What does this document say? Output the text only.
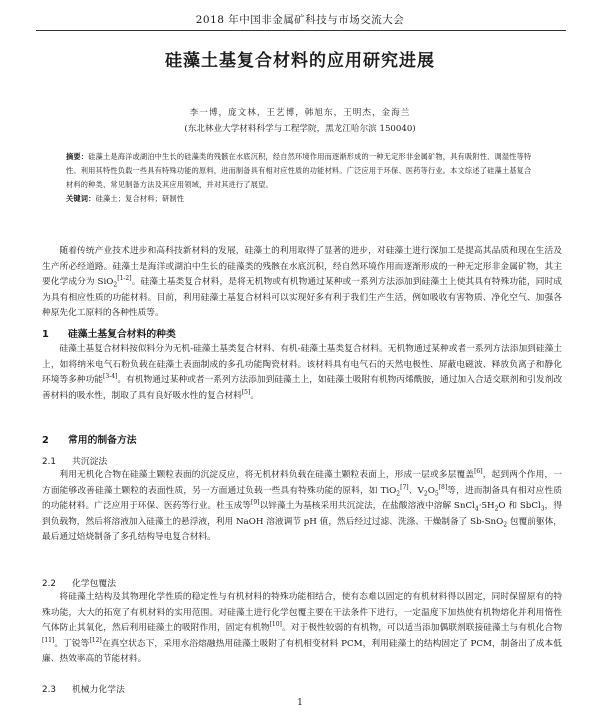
2018 年中国非金属矿科技与市场交流大会
硅藻土基复合材料的应用研究进展
李一博，庞文林，王艺博，韩旭东，王明杰，金海兰
(东北林业大学材料科学与工程学院，黑龙江哈尔滨 150040)
摘要：硅藻土是海洋或湖泊中生长的硅藻类的残骸在水底沉积，经自然环境作用而逐渐形成的一种无定形非金属矿物，具有吸附性、调湿性等特性。利用其特性负载一些具有特殊功能的原料，进而制备具有相对应性质的功能材料。广泛应用于环保、医药等行业。本文综述了硅藻土基复合材料的种类、常见制备方法及其应用领域，并对其进行了展望。
关键词：硅藻土；复合材料；研制性

随着传统产业技术进步和高科技新材料的发展，硅藻土的利用取得了显著的进步，对硅藻土进行深加工是提高其品质和现在生活及生产所必经道路。硅藻土是海洋或湖泊中生长的硅藻类的残骸在水底沉积，经自然环境作用而逐渐形成的一种无定形非金属矿物，其主要化学成分为 SiO$_2$[1-2]。硅藻土基类复合材料，是将无机物或有机物通过某种或一系列方法添加到硅藻土上使其具有特殊功能，同时成为具有相应性质的功能材料。目前，利用硅藻土基复合材料可以实现好多有利于我们生产生活，例如吸收有害物质、净化空气、加强各种原先化工原料的各种性质等。

1 硅藻土基复合材料的种类

硅藻土基复合材料按似料分为无机-硅藻土基类复合材料、有机-硅藻土基类复合材料。无机物通过某种或者一系列方法添加到硅藻土上，如将纳米电气石粉负载在硅藻土表面制成的多孔功能陶瓷材料。该材料具有电气石的天然电极性、屏蔽电磁波、释放负离子和静化环境等多种功能[3-4]。有机物通过某种或者一系列方法添加到硅藻土上，如硅藻土吸附有机物丙烯酰胺，通过加入合适交联剂和引发剂改善材料的吸水性，制取了具有良好吸水性的复合材料[5]。

2 常用的制备方法
2.1 共沉淀法

利用无机化合物在硅藻土颗粒表面的沉淀反应，将无机材料负载在硅藻土颗粒表面上，形成一层或多层覆盖[6]，起到两个作用，一方面能够改善硅藻土颗粒的表面性质，另一方面通过负载一些具有特殊功能的原料，如 TiO$_2$[7]、$V_2O_5[8]$等，进而制备具有相对应性质的功能材料。广泛应用于环保、医药等行业。杜玉成等[9]以锌藻土为基核采用共沉淀法，在盐酸溶液中溶解 $SnCl_4\cdot 5H_2O$ 和 SbCl$_3$，得到负载物，然后将溶液加入硅藻土的悬浮液，利用 NaOH 溶液调节 pH 值，然后经过过滤、洗涤、干燥制备了 Sb-SnO$_2$ 包覆前躯体，最后通过焙烧制备了多孔结构导电复合材料。

2.2 化学包覆法

将硅藻土结构及其物理化学性质的稳定性与有机材料的特殊功能相结合，使有态难以固定的有机材料得以固定，同时保留原有的特殊功能，大大的拓宽了有机材料的实用范围。对硅藻土进行化学包覆主要在干法条件下进行，一定温度下加热使有机物熔化并利用惰性气体防止其氧化，然后利用硅藻土的吸附作用，固定有机物[10]。对于极性较弱的有机物，可以适当添加偶联剂联接硅藻土与有机化合物[11]。丁锐等[12]在真空状态下，采用水浴熔融热用硅藻土吸附了有机相变材料 PCM，利用硅藻土的结构固定了 PCM，制备出了成本低廉、热效率高的节能材料。

2.3 机械力化学法
1
